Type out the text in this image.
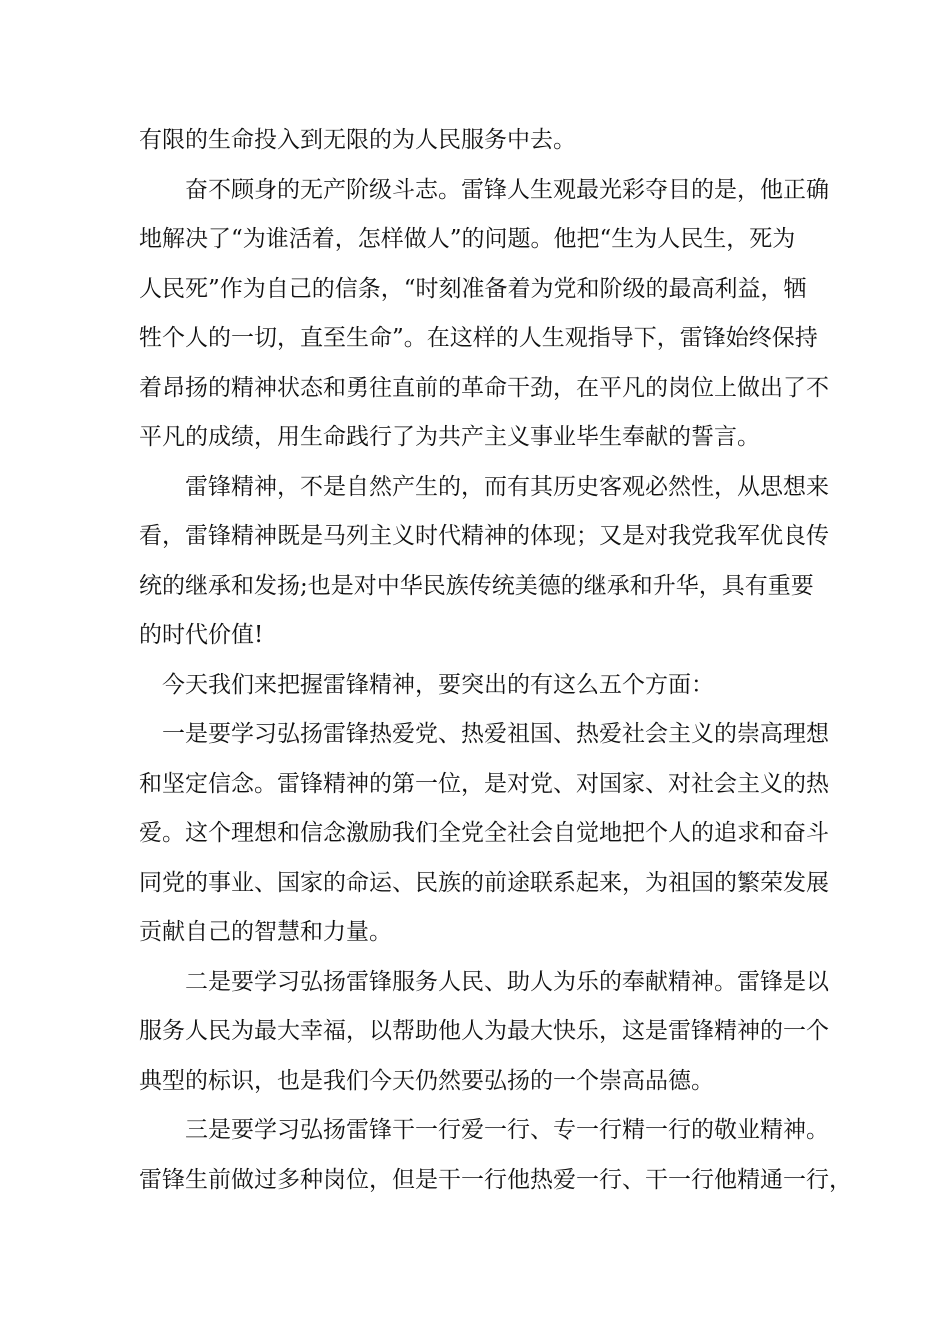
有限的生命投入到无限的为人民服务中去。
奋不顾身的无产阶级斗志。雷锋人生观最光彩夺目的是，他正确
地解决了“为谁活着，怎样做人”的问题。他把“生为人民生，死为
人民死”作为自己的信条，“时刻准备着为党和阶级的最高利益，牺
牲个人的一切，直至生命”。在这样的人生观指导下，雷锋始终保持
着昂扬的精神状态和勇往直前的革命干劲，在平凡的岗位上做出了不
平凡的成绩，用生命践行了为共产主义事业毕生奉献的誓言。
雷锋精神，不是自然产生的，而有其历史客观必然性，从思想来
看，雷锋精神既是马列主义时代精神的体现；又是对我党我军优良传
统的继承和发扬;也是对中华民族传统美德的继承和升华，具有重要
的时代价值!
今天我们来把握雷锋精神，要突出的有这么五个方面：
一是要学习弘扬雷锋热爱党、热爱祖国、热爱社会主义的崇高理想
和坚定信念。雷锋精神的第一位，是对党、对国家、对社会主义的热
爱。这个理想和信念激励我们全党全社会自觉地把个人的追求和奋斗
同党的事业、国家的命运、民族的前途联系起来，为祖国的繁荣发展
贡献自己的智慧和力量。
二是要学习弘扬雷锋服务人民、助人为乐的奉献精神。雷锋是以
服务人民为最大幸福，以帮助他人为最大快乐，这是雷锋精神的一个
典型的标识，也是我们今天仍然要弘扬的一个崇高品德。
三是要学习弘扬雷锋干一行爱一行、专一行精一行的敬业精神。
雷锋生前做过多种岗位，但是干一行他热爱一行、干一行他精通一行，
